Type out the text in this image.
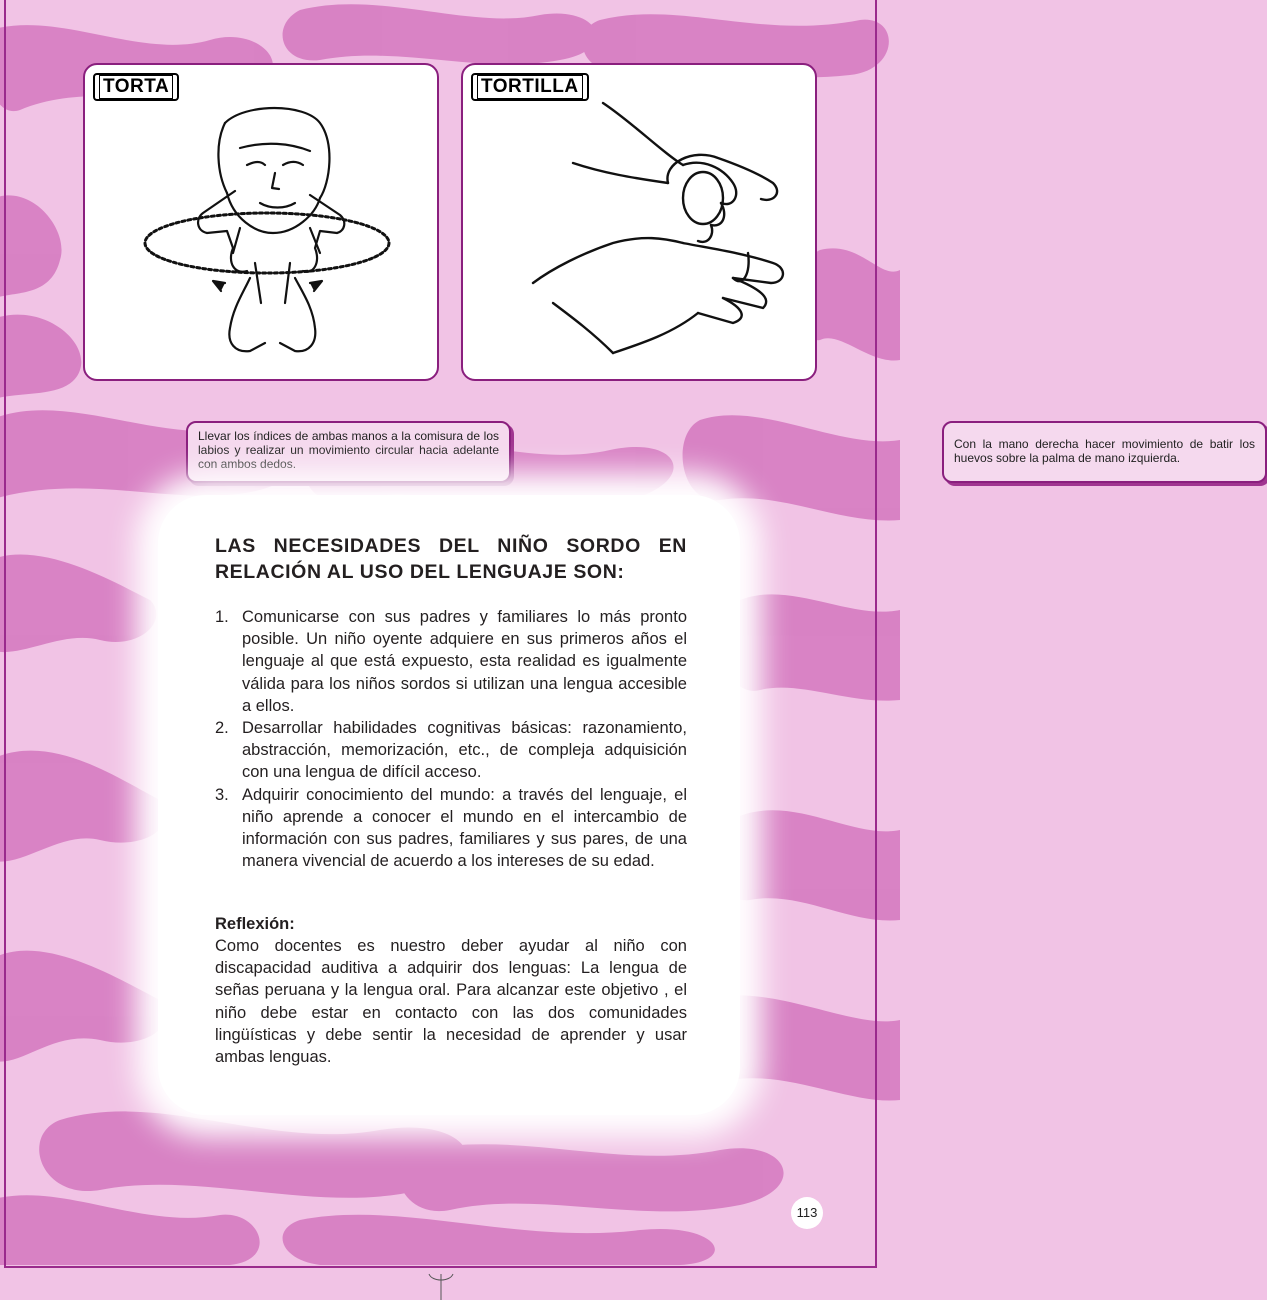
TORTA
Llevar los índices de ambas manos a la comisura de los labios y realizar un movimiento circular hacia adelante con ambos dedos.
TORTILLA
Con la mano derecha hacer movimiento de batir los huevos sobre la palma de mano izquierda.
LAS NECESIDADES DEL NIÑO SORDO EN

RELACIÓN AL USO DEL LENGUAJE SON:
1. Comunicarse con sus padres y familiares lo más pronto posible. Un niño oyente adquiere en sus primeros años el lenguaje al que está expuesto, esta realidad es igualmente válida para los niños sordos si utilizan una lengua accesible a ellos.
2. Desarrollar habilidades cognitivas básicas: razonamiento, abstracción, memorización, etc., de compleja adquisición con una lengua de difícil acceso.
3. Adquirir conocimiento del mundo: a través del lenguaje, el niño aprende a conocer el mundo en el intercambio de información con sus padres, familiares y sus pares, de una manera vivencial de acuerdo a los intereses de su edad.
Reflexión:
Como docentes es nuestro deber ayudar al niño con discapacidad auditiva a adquirir dos lenguas: La lengua de señas peruana y la lengua oral. Para alcanzar este objetivo , el niño debe estar en contacto con las dos comunidades lingüísticas y debe sentir la necesidad de aprender y usar ambas lenguas.
113
